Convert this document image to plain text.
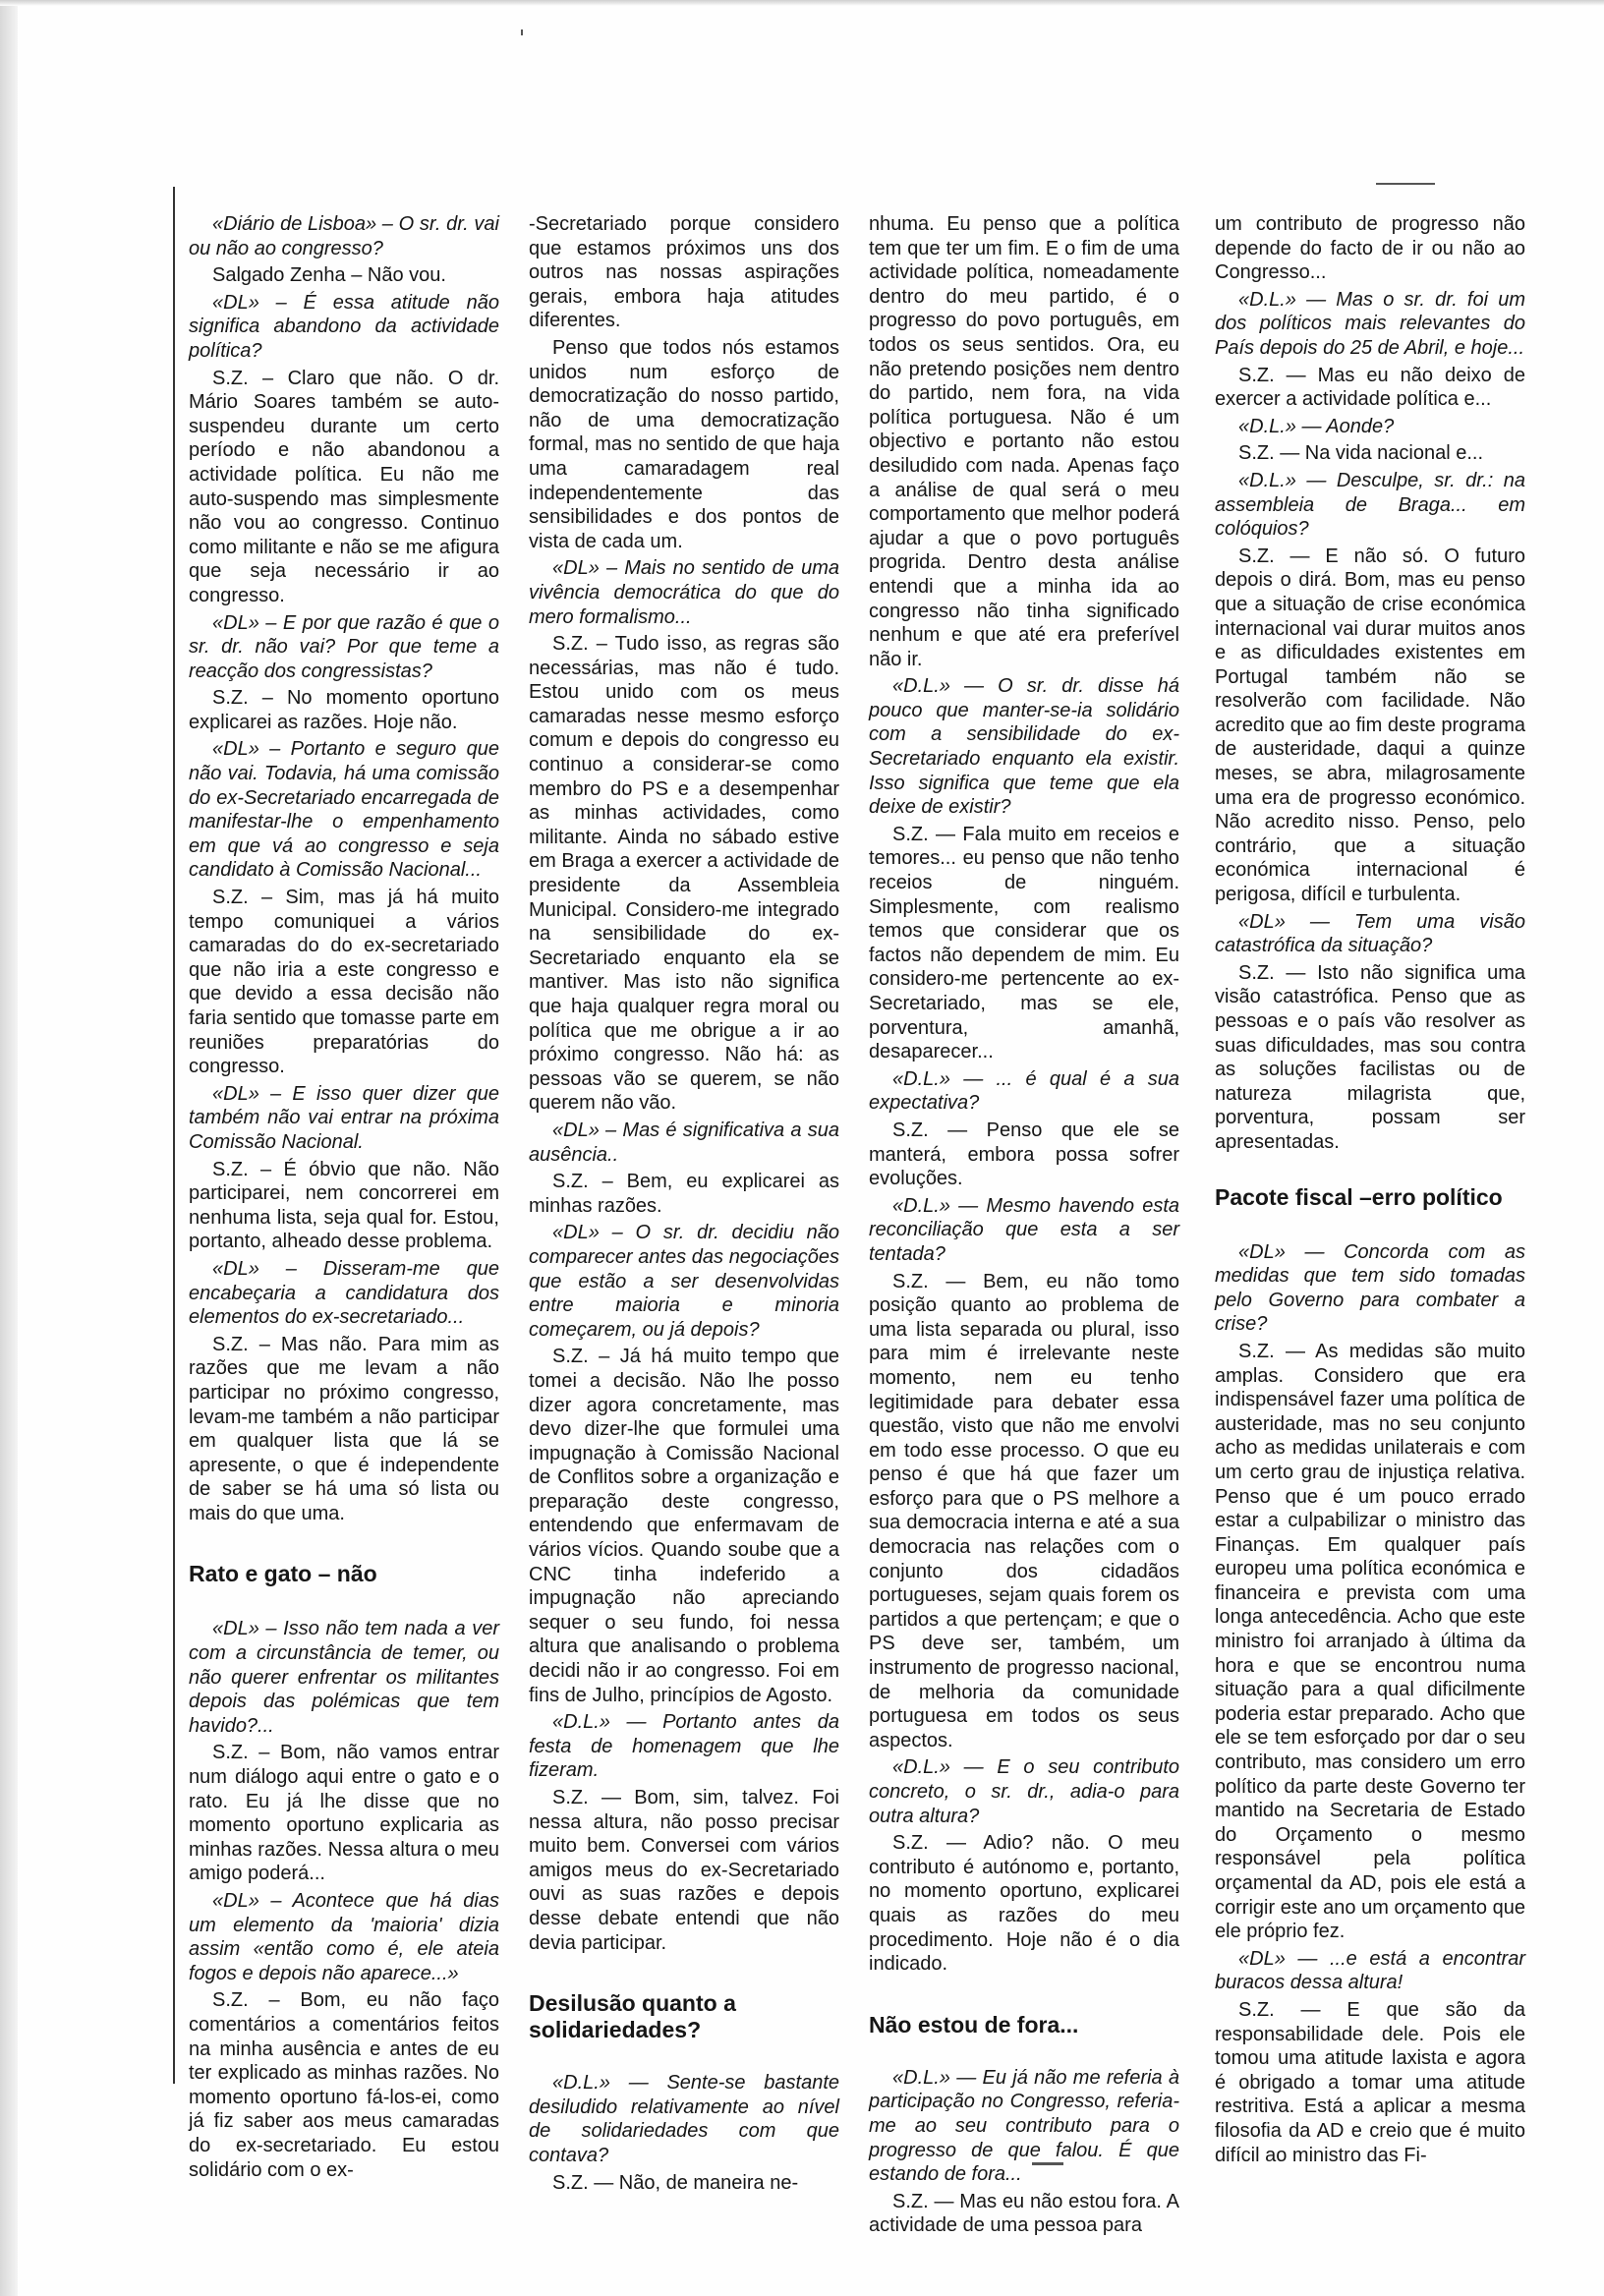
«Diário de Lisboa» – O sr. dr. vai ou não ao congresso?

Salgado Zenha – Não vou.

«DL» – É essa atitude não significa abandono da actividade política?

S.Z. – Claro que não. O dr. Mário Soares também se auto-suspendeu durante um certo período e não abandonou a actividade política. Eu não me auto-suspendo mas simplesmente não vou ao congresso. Continuo como militante e não se me afigura que seja necessário ir ao congresso.

«DL» – E por que razão é que o sr. dr. não vai? Por que teme a reacção dos congressistas?

S.Z. – No momento oportuno explicarei as razões. Hoje não.

«DL» – Portanto e seguro que não vai. Todavia, há uma comissão do ex-Secretariado encarregada de manifestar-lhe o empenhamento em que vá ao congresso e seja candidato à Comissão Nacional...

S.Z. – Sim, mas já há muito tempo comuniquei a vários camaradas do do ex-secretariado que não iria a este congresso e que devido a essa decisão não faria sentido que tomasse parte em reuniões preparatórias do congresso.

«DL» – E isso quer dizer que também não vai entrar na próxima Comissão Nacional.

S.Z. – É óbvio que não. Não participarei, nem concorrerei em nenhuma lista, seja qual for. Estou, portanto, alheado desse problema.

«DL» – Disseram-me que encabeçaria a candidatura dos elementos do ex-secretariado...

S.Z. – Mas não. Para mim as razões que me levam a não participar no próximo congresso, levam-me também a não participar em qualquer lista que lá se apresente, o que é independente de saber se há uma só lista ou mais do que uma.

Rato e gato – não

«DL» – Isso não tem nada a ver com a circunstância de temer, ou não querer enfrentar os militantes depois das polémicas que tem havido?...

S.Z. – Bom, não vamos entrar num diálogo aqui entre o gato e o rato. Eu já lhe disse que no momento oportuno explicaria as minhas razões. Nessa altura o meu amigo poderá...

«DL» – Acontece que há dias um elemento da 'maioria' dizia assim «então como é, ele ateia fogos e depois não aparece...»

S.Z. – Bom, eu não faço comentários a comentários feitos na minha ausência e antes de eu ter explicado as minhas razões. No momento oportuno fá-los-ei, como já fiz saber aos meus camaradas do ex-secretariado. Eu estou solidário com o ex-

-Secretariado porque considero que estamos próximos uns dos outros nas nossas aspirações gerais, embora haja atitudes diferentes.

Penso que todos nós estamos unidos num esforço de democratização do nosso partido, não de uma democratização formal, mas no sentido de que haja uma camaradagem real independentemente das sensibilidades e dos pontos de vista de cada um.

«DL» – Mais no sentido de uma vivência democrática do que do mero formalismo...

S.Z. – Tudo isso, as regras são necessárias, mas não é tudo. Estou unido com os meus camaradas nesse mesmo esforço comum e depois do congresso eu continuo a considerar-se como membro do PS e a desempenhar as minhas actividades, como militante. Ainda no sábado estive em Braga a exercer a actividade de presidente da Assembleia Municipal. Considero-me integrado na sensibilidade do ex-Secretariado enquanto ela se mantiver. Mas isto não significa que haja qualquer regra moral ou política que me obrigue a ir ao próximo congresso. Não há: as pessoas vão se querem, se não querem não vão.

«DL» – Mas é significativa a sua ausência..

S.Z. – Bem, eu explicarei as minhas razões.

«DL» – O sr. dr. decidiu não comparecer antes das negociações que estão a ser desenvolvidas entre maioria e minoria começarem, ou já depois?

S.Z. – Já há muito tempo que tomei a decisão. Não lhe posso dizer agora concretamente, mas devo dizer-lhe que formulei uma impugnação à Comissão Nacional de Conflitos sobre a organização e preparação deste congresso, entendendo que enfermavam de vários vícios. Quando soube que a CNC tinha indeferido a impugnação não apreciando sequer o seu fundo, foi nessa altura que analisando o problema decidi não ir ao congresso. Foi em fins de Julho, princípios de Agosto.

«D.L.» — Portanto antes da festa de homenagem que lhe fizeram.

S.Z. — Bom, sim, talvez. Foi nessa altura, não posso precisar muito bem. Conversei com vários amigos meus do ex-Secretariado ouvi as suas razões e depois desse debate entendi que não devia participar.

Desilusão quanto a solidariedades?

«D.L.» — Sente-se bastante desiludido relativamente ao nível de solidariedades com que contava?

S.Z. — Não, de maneira ne-

nhuma. Eu penso que a política tem que ter um fim. E o fim de uma actividade política, nomeadamente dentro do meu partido, é o progresso do povo português, em todos os seus sentidos. Ora, eu não pretendo posições nem dentro do partido, nem fora, na vida política portuguesa. Não é um objectivo e portanto não estou desiludido com nada. Apenas faço a análise de qual será o meu comportamento que melhor poderá ajudar a que o povo português progrida. Dentro desta análise entendi que a minha ida ao congresso não tinha significado nenhum e que até era preferível não ir.

«D.L.» — O sr. dr. disse há pouco que manter-se-ia solidário com a sensibilidade do ex-Secretariado enquanto ela existir. Isso significa que teme que ela deixe de existir?

S.Z. — Fala muito em receios e temores... eu penso que não tenho receios de ninguém. Simplesmente, com realismo temos que considerar que os factos não dependem de mim. Eu considero-me pertencente ao ex-Secretariado, mas se ele, porventura, amanhã, desaparecer...

«D.L.» — ... é qual é a sua expectativa?

S.Z. — Penso que ele se manterá, embora possa sofrer evoluções.

«D.L.» — Mesmo havendo esta reconciliação que esta a ser tentada?

S.Z. — Bem, eu não tomo posição quanto ao problema de uma lista separada ou plural, isso para mim é irrelevante neste momento, nem eu tenho legitimidade para debater essa questão, visto que não me envolvi em todo esse processo. O que eu penso é que há que fazer um esforço para que o PS melhore a sua democracia interna e até a sua democracia nas relações com o conjunto dos cidadãos portugueses, sejam quais forem os partidos a que pertençam; e que o PS deve ser, também, um instrumento de progresso nacional, de melhoria da comunidade portuguesa em todos os seus aspectos.

«D.L.» — E o seu contributo concreto, o sr. dr., adia-o para outra altura?

S.Z. — Adio? não. O meu contributo é autónomo e, portanto, no momento oportuno, explicarei quais as razões do meu procedimento. Hoje não é o dia indicado.

Não estou de fora...

«D.L.» — Eu já não me referia à participação no Congresso, referia-me ao seu contributo para o progresso de que falou. É que estando de fora...

S.Z. — Mas eu não estou fora. A actividade de uma pessoa para

um contributo de progresso não depende do facto de ir ou não ao Congresso...

«D.L.» — Mas o sr. dr. foi um dos políticos mais relevantes do País depois do 25 de Abril, e hoje...

S.Z. — Mas eu não deixo de exercer a actividade política e...

«D.L.» — Aonde?

S.Z. — Na vida nacional e...

«D.L.» — Desculpe, sr. dr.: na assembleia de Braga... em colóquios?

S.Z. — E não só. O futuro depois o dirá. Bom, mas eu penso que a situação de crise económica internacional vai durar muitos anos e as dificuldades existentes em Portugal também não se resolverão com facilidade. Não acredito que ao fim deste programa de austeridade, daqui a quinze meses, se abra, milagrosamente uma era de progresso económico. Não acredito nisso. Penso, pelo contrário, que a situação económica internacional é perigosa, difícil e turbulenta.

«DL» — Tem uma visão catastrófica da situação?

S.Z. — Isto não significa uma visão catastrófica. Penso que as pessoas e o país vão resolver as suas dificuldades, mas sou contra as soluções facilistas ou de natureza milagrista que, porventura, possam ser apresentadas.

Pacote fiscal –erro político

«DL» — Concorda com as medidas que tem sido tomadas pelo Governo para combater a crise?

S.Z. — As medidas são muito amplas. Considero que era indispensável fazer uma política de austeridade, mas no seu conjunto acho as medidas unilaterais e com um certo grau de injustiça relativa. Penso que é um pouco errado estar a culpabilizar o ministro das Finanças. Em qualquer país europeu uma política económica e financeira e prevista com uma longa antecedência. Acho que este ministro foi arranjado à última da hora e que se encontrou numa situação para a qual dificilmente poderia estar preparado. Acho que ele se tem esforçado por dar o seu contributo, mas considero um erro político da parte deste Governo ter mantido na Secretaria de Estado do Orçamento o mesmo responsável pela política orçamental da AD, pois ele está a corrigir este ano um orçamento que ele próprio fez.

«DL» — ...e está a encontrar buracos dessa altura!

S.Z. — E que são da responsabilidade dele. Pois ele tomou uma atitude laxista e agora é obrigado a tomar uma atitude restritiva. Está a aplicar a mesma filosofia da AD e creio que é muito difícil ao ministro das Fi-
